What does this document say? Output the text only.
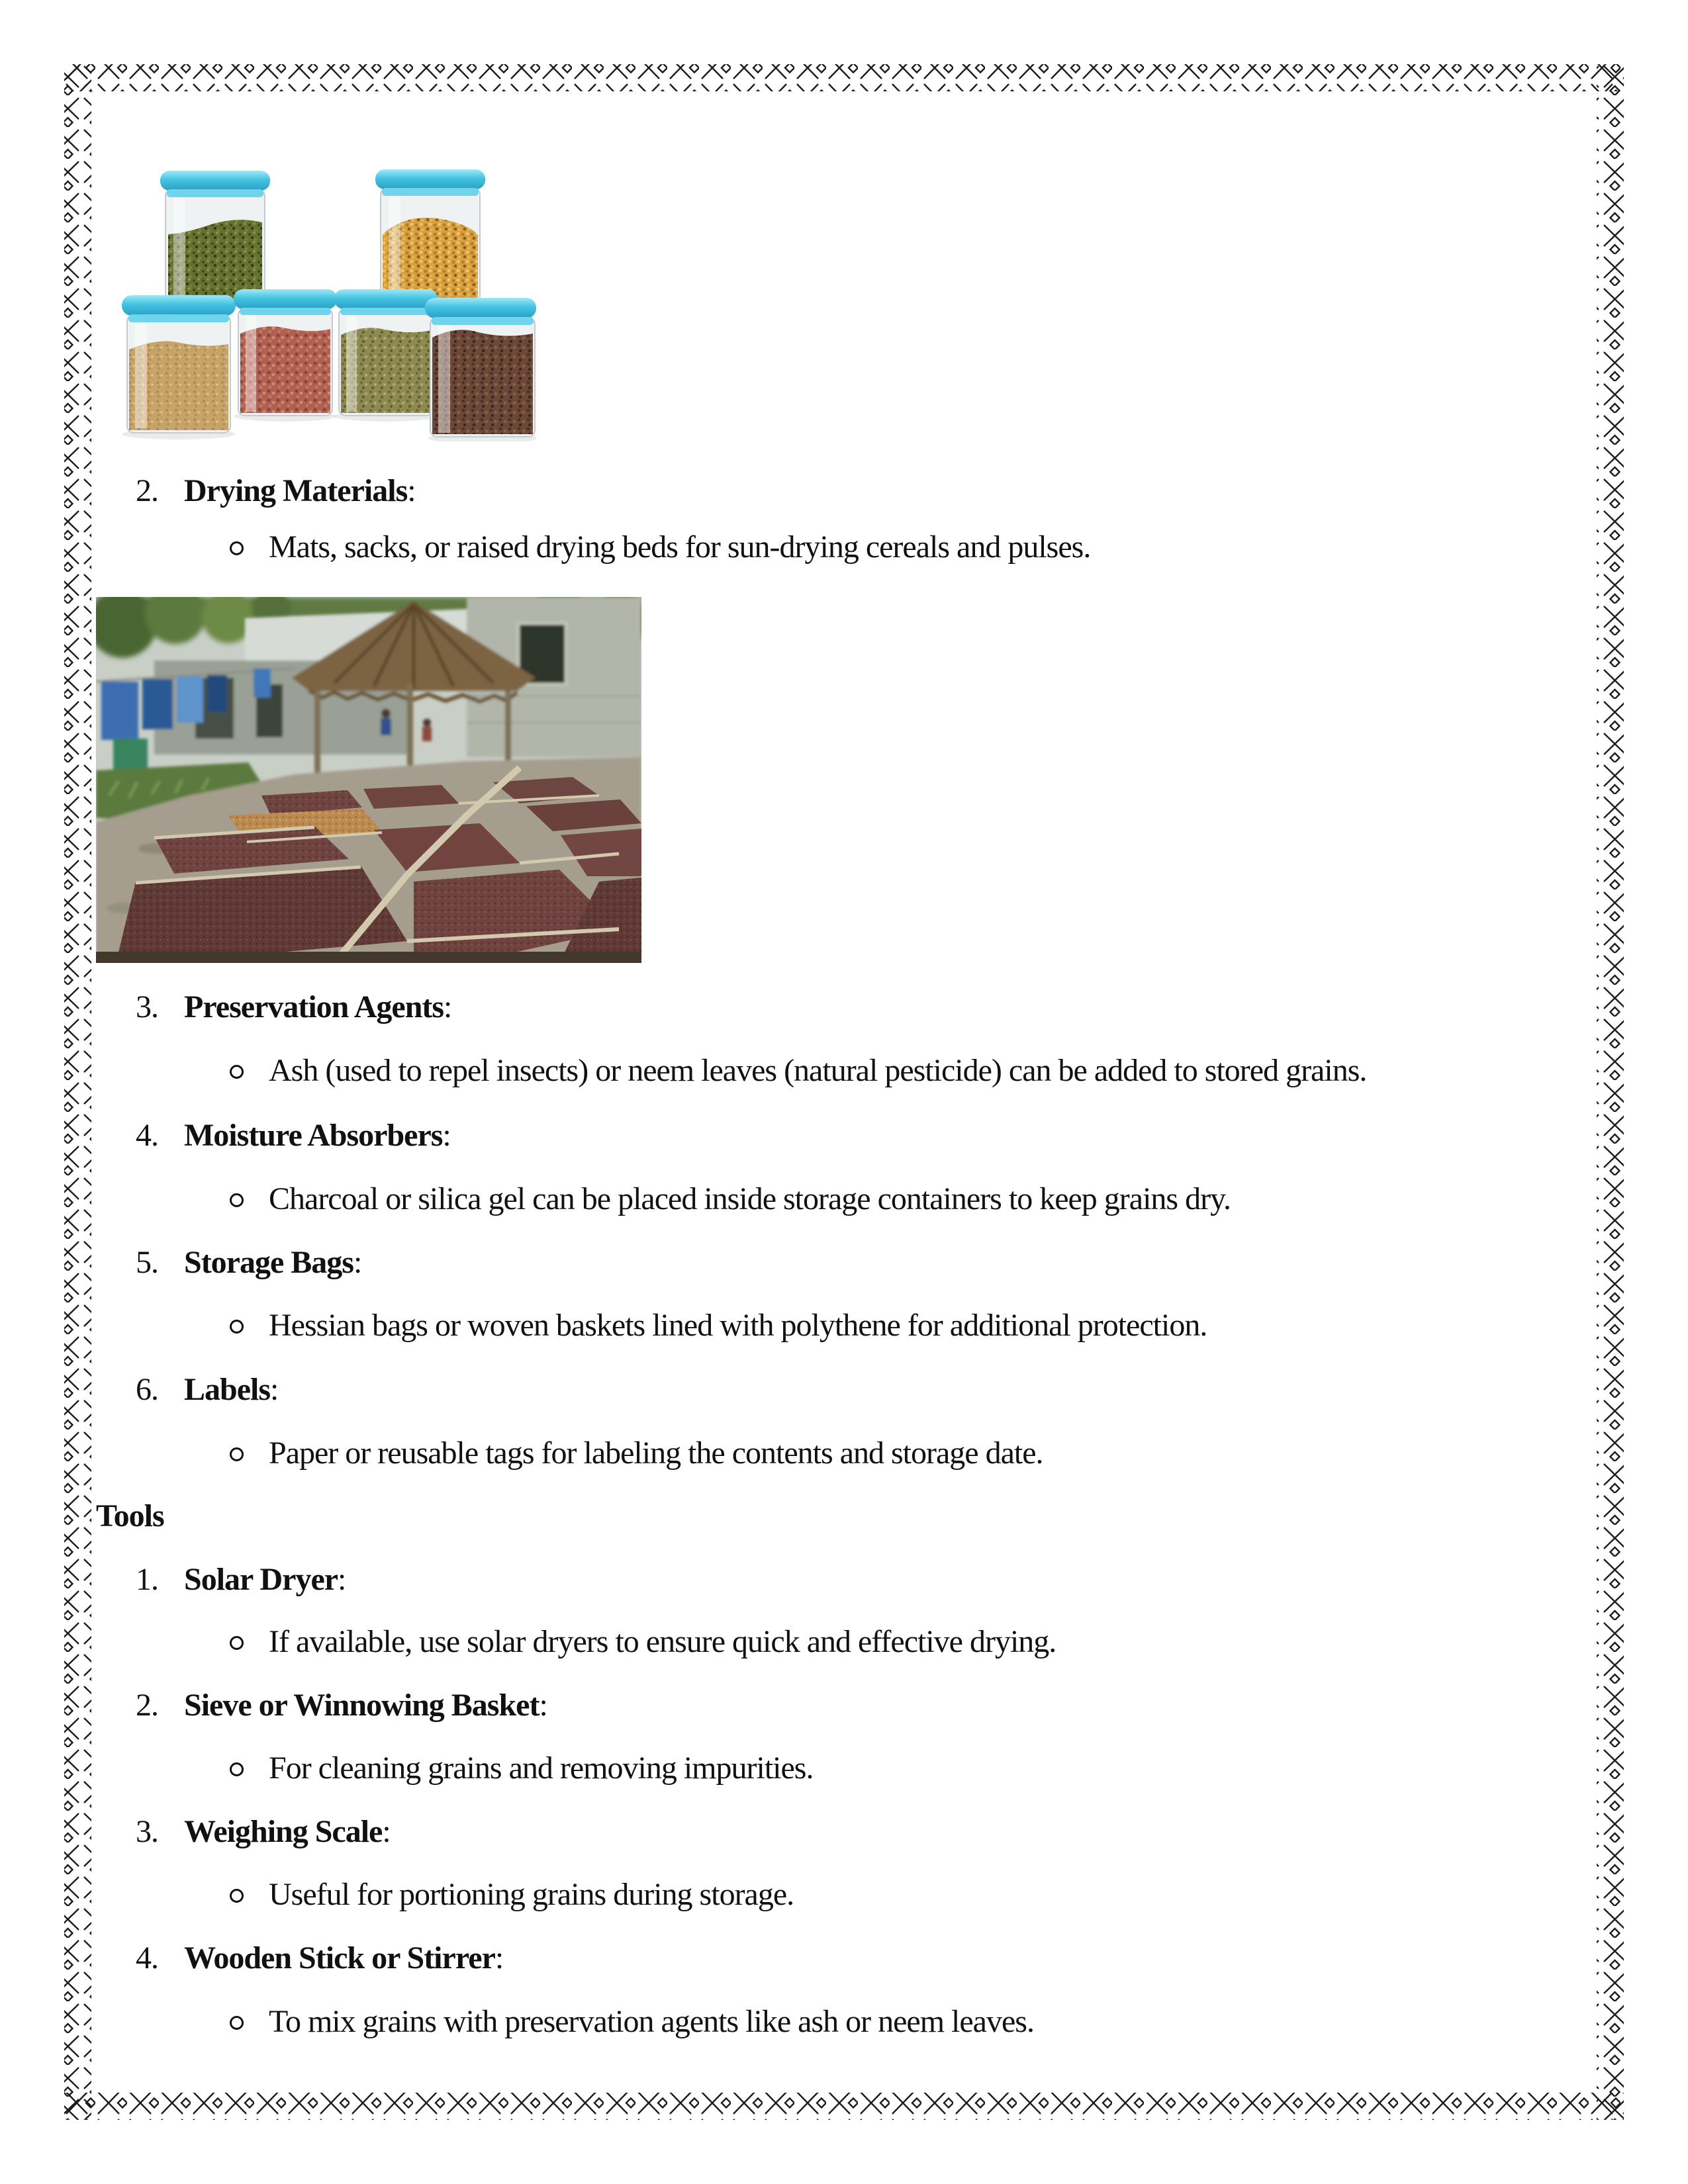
2. Drying Materials:
Mats, sacks, or raised drying beds for sun-drying cereals and pulses.
3. Preservation Agents:
Ash (used to repel insects) or neem leaves (natural pesticide) can be added to stored grains.
4. Moisture Absorbers:
Charcoal or silica gel can be placed inside storage containers to keep grains dry.
5. Storage Bags:
Hessian bags or woven baskets lined with polythene for additional protection.
6. Labels:
Paper or reusable tags for labeling the contents and storage date.
Tools
1. Solar Dryer:
If available, use solar dryers to ensure quick and effective drying.
2. Sieve or Winnowing Basket:
For cleaning grains and removing impurities.
3. Weighing Scale:
Useful for portioning grains during storage.
4. Wooden Stick or Stirrer:
To mix grains with preservation agents like ash or neem leaves.
